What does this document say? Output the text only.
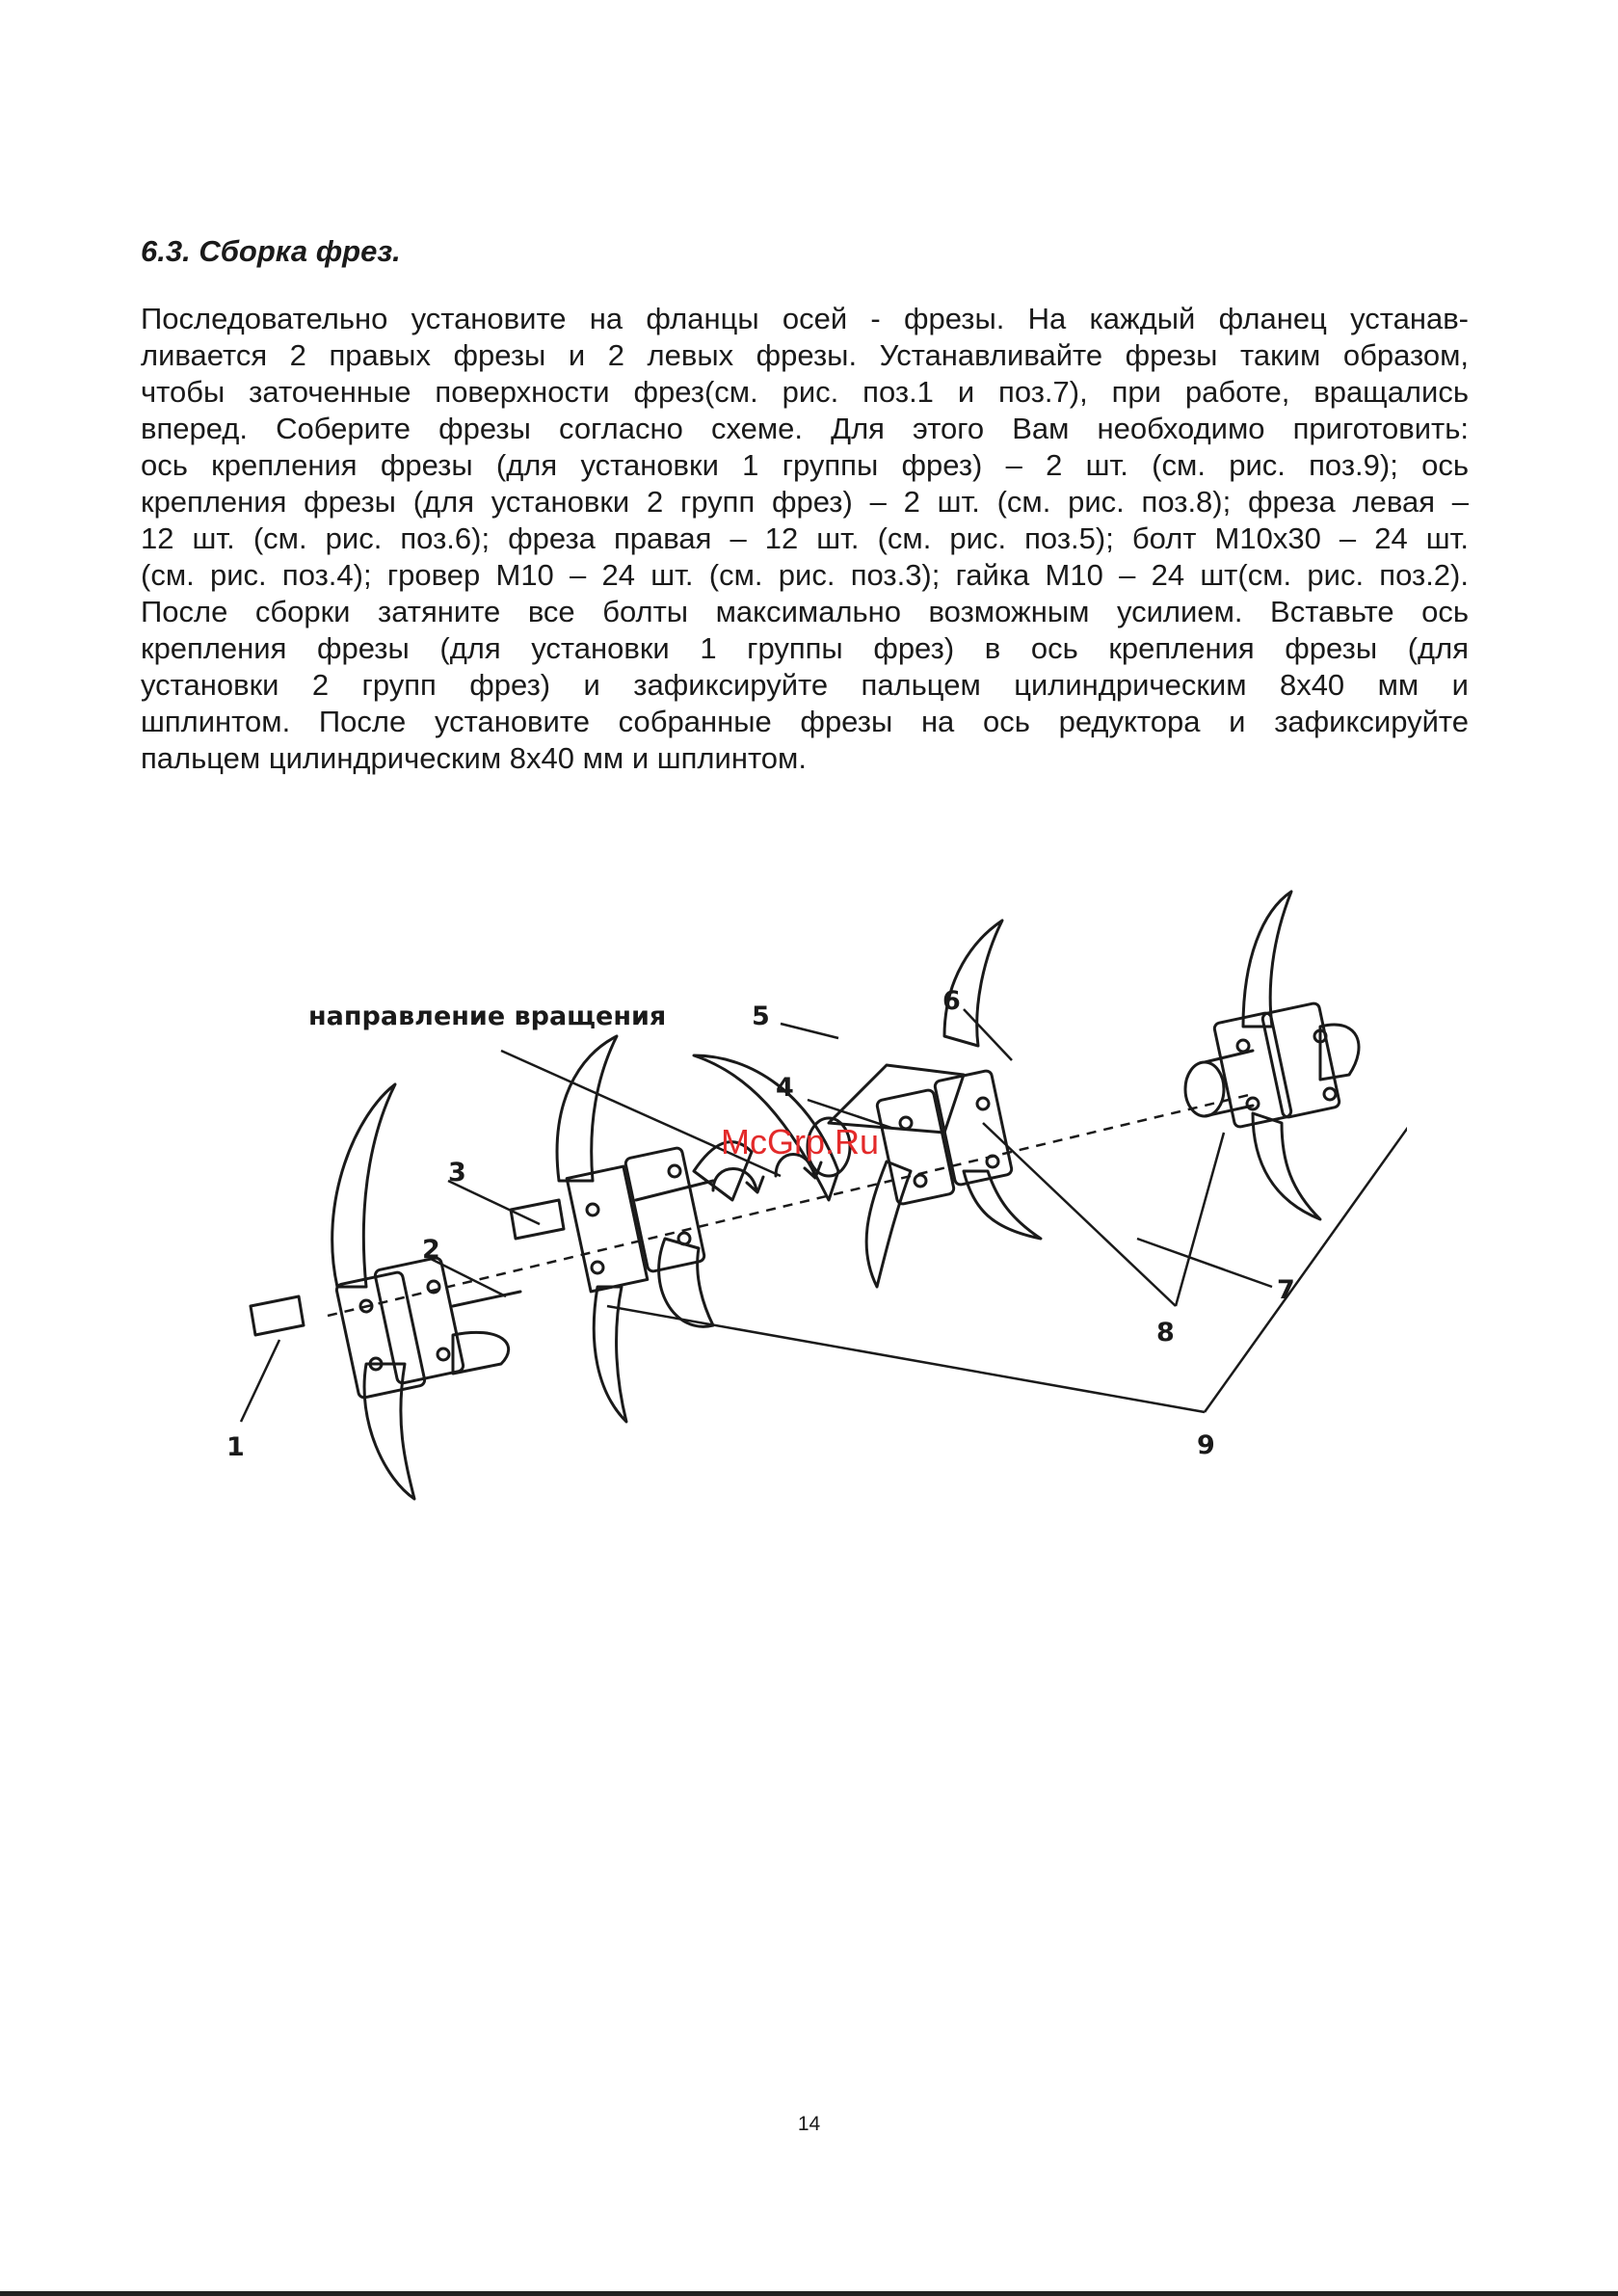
6.3. Сборка фрез.
Последовательно установите на фланцы осей - фрезы. На каждый фланец устанав-
ливается 2 правых фрезы и 2 левых фрезы. Устанавливайте фрезы таким образом,
чтобы заточенные поверхности фрез(см. рис. поз.1 и поз.7), при работе, вращались
вперед. Соберите фрезы согласно схеме. Для этого Вам необходимо приготовить:
ось крепления фрезы (для установки 1 группы фрез) – 2 шт. (см. рис. поз.9); ось
крепления фрезы (для установки 2 групп фрез) – 2 шт. (см. рис. поз.8); фреза левая –
12 шт. (см. рис. поз.6); фреза правая – 12 шт. (см. рис. поз.5); болт М10х30 – 24 шт.
(см. рис. поз.4); гровер М10 – 24 шт. (см. рис. поз.3); гайка М10 – 24 шт(см. рис. поз.2).
После сборки затяните все болты максимально возможным усилием. Вставьте ось
крепления фрезы (для установки 1 группы фрез) в ось крепления фрезы (для
установки 2 групп фрез) и зафиксируйте пальцем цилиндрическим 8х40 мм и
шплинтом. После установите собранные фрезы на ось редуктора и зафиксируйте
пальцем цилиндрическим 8х40 мм и шплинтом.
направление вращения
1
2
3
4
5
6
7
8
9
McGrp.Ru

14
